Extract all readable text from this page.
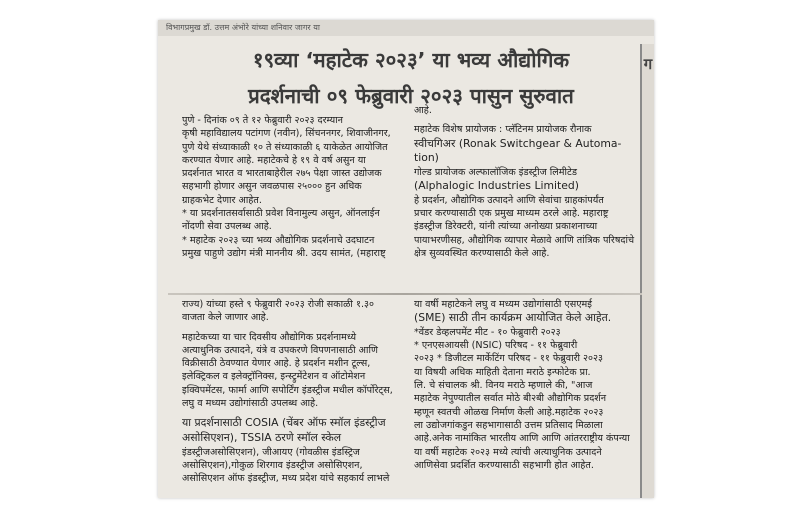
विभागप्रमुख डॉ. उत्तम अंभोरे यांच्या शनिवार जागर या
ग
१९व्या ‘महाटेक २०२३’ या भव्य औद्योगिक
प्रदर्शनाची ०९ फेब्रुवारी २०२३ पासुन सुरुवात
पुणे - दिनांक ०९ ते १२ फेब्रुवारी २०२३ दरम्यान
कृषी महाविद्यालय पटांगण (नवीन), सिंचननगर, शिवाजीनगर,
पुणे येथे संध्याकाळी १० ते संध्याकाळी ६ याकेळेत आयोजित
करण्यात येणार आहे. महाटेकचे हे १९ वे वर्ष असुन या
प्रदर्शनात भारत व भारताबाहेरील २७५ पेक्षा जास्त उद्योजक
सहभागी होणार असुन जवळपास २५००० हुन अधिक
ग्राहकभेट देणार आहेत.
* या प्रदर्शनातसर्वासाठी प्रवेश विनामुल्य असुन, ऑनलाईन
नोंदणी सेवा उपलब्ध आहे.
* महाटेक २०२३ च्या भव्य औद्योगिक प्रदर्शनाचे उदघाटन
प्रमुख पाहुणे उद्योग मंत्री माननीय श्री. उदय सामंत, (महाराष्ट्
आहे.
महाटेक विशेष प्रायोजक : प्लॅटिनम प्रायोजक रौनाक
स्वीचगिअर (Ronak Switchgear & Automa-
tion)
गोल्ड प्रायोजक अल्फालॉजिक इंडस्ट्रीज लिमीटेड
(Alphalogic Industries Limited)
हे प्रदर्शन, औद्योगिक उत्पादने आणि सेवांचा ग्राहकांपर्यंत
प्रचार करण्यासाठी एक प्रमुख माध्यम ठरले आहे. महाराष्ट्र
इंडस्ट्रीज डिरेक्टरी, यांनी त्यांच्या अनोख्या प्रकाशनाच्या
पायाभरणीसह, औद्योगिक व्यापार मेळावे आणि तांत्रिक परिषदांचे
क्षेत्र सुव्यवस्थित करण्यासाठी केले आहे.
राज्य) यांच्या हस्ते ९ फेब्रुवारी २०२३ रोजी सकाळी १.३०
वाजता केले जाणार आहे.
महाटेकच्या या चार दिवसीय औद्योगिक प्रदर्शनामध्ये
अत्याधुनिक उत्पादने, यंत्रे व उपकरणे विपणनासाठी आणि
विक्रीसाठी ठेवण्यात येणार आहे. हे प्रदर्शन मशीन टूल्स,
इलेक्ट्रिकल व इलेक्ट्रॉनिक्स, इन्स्ट्रुमेंटेशन व ऑटोमेशन
इक्विपमेंटस, फार्मा आणि सपोर्टिंग इंडस्ट्रीज मधील कॉर्पोरेट्स,
लघु व मध्यम उद्योगांसाठी उपलब्ध आहे.
या प्रदर्शनासाठी COSIA (चेंबर ऑफ स्मॉल इंडस्ट्रीज
असोसिएशन), TSSIA ठरणे स्मॉल स्केल
इंडस्ट्रीजअसोसिएशन), जीआयए (गोवळीस इंडस्ट्रिज
असोसिएशन),गोकुळ शिरगाव इंडस्ट्रीज असोसिएशन,
असोसिएशन ऑफ इंडस्ट्रीज, मध्य प्रदेश यांचे सहकार्य लाभले
या वर्षी महाटेकने लघु व मध्यम उद्योगांसाठी एसएमई
(SME) साठी तीन कार्यक्रम आयोजित केले आहेत.
*वेंडर डेव्हलपमेंट मीट - १० फेब्रुवारी २०२३
* एनएसआयसी (NSIC) परिषद - ११ फेब्रुवारी
२०२३ * डिजीटल मार्केटिंग परिषद - ११ फेब्रुवारी २०२३
या विषयी अधिक माहिती देताना मराठे इन्फोटेक प्रा.
लि. चे संचालक श्री. विनय मराठे म्हणाले की, "आज
महाटेक नेपुण्यातील सर्वात मोठे बी२बी औद्योगिक प्रदर्शन
म्हणून स्वतची ओळख निर्माण केली आहे.महाटेक २०२३
ला उद्योजगांकडुन सहभागासाठी उत्तम प्रतिसाद मिळाला
आहे.अनेक नामांकित भारतीय आणि आणि आंतरराष्ट्रीय कंपन्या
या वर्षी महाटेक २०२३ मध्ये त्यांची अत्याधुनिक उत्पादने
आणिसेवा प्रदर्शित करण्यासाठी सहभागी होत आहेत.
